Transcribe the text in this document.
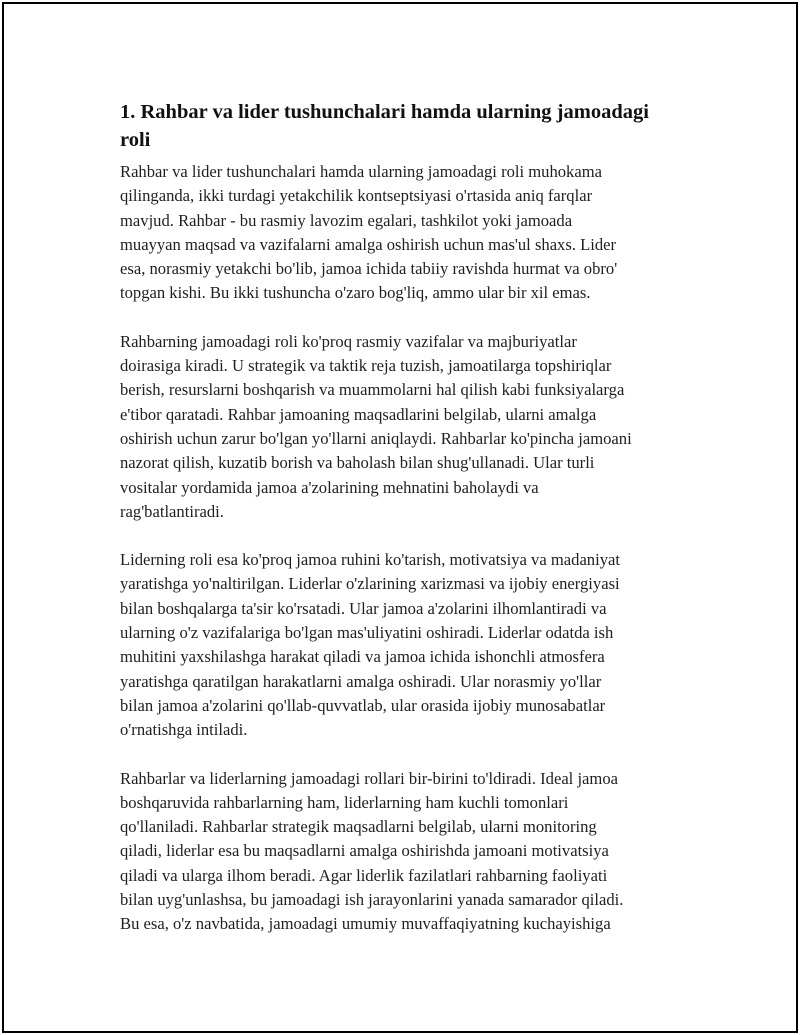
1. Rahbar va lider tushunchalari hamda ularning jamoadagi
roli

Rahbar va lider tushunchalari hamda ularning jamoadagi roli muhokama
qilinganda, ikki turdagi yetakchilik kontseptsiyasi o'rtasida aniq farqlar
mavjud. Rahbar - bu rasmiy lavozim egalari, tashkilot yoki jamoada
muayyan maqsad va vazifalarni amalga oshirish uchun mas'ul shaxs. Lider
esa, norasmiy yetakchi bo'lib, jamoa ichida tabiiy ravishda hurmat va obro'
topgan kishi. Bu ikki tushuncha o'zaro bog'liq, ammo ular bir xil emas.

Rahbarning jamoadagi roli ko'proq rasmiy vazifalar va majburiyatlar
doirasiga kiradi. U strategik va taktik reja tuzish, jamoatilarga topshiriqlar
berish, resurslarni boshqarish va muammolarni hal qilish kabi funksiyalarga
e'tibor qaratadi. Rahbar jamoaning maqsadlarini belgilab, ularni amalga
oshirish uchun zarur bo'lgan yo'llarni aniqlaydi. Rahbarlar ko'pincha jamoani
nazorat qilish, kuzatib borish va baholash bilan shug'ullanadi. Ular turli
vositalar yordamida jamoa a'zolarining mehnatini baholaydi va
rag'batlantiradi.

Liderning roli esa ko'proq jamoa ruhini ko'tarish, motivatsiya va madaniyat
yaratishga yo'naltirilgan. Liderlar o'zlarining xarizmasi va ijobiy energiyasi
bilan boshqalarga ta'sir ko'rsatadi. Ular jamoa a'zolarini ilhomlantiradi va
ularning o'z vazifalariga bo'lgan mas'uliyatini oshiradi. Liderlar odatda ish
muhitini yaxshilashga harakat qiladi va jamoa ichida ishonchli atmosfera
yaratishga qaratilgan harakatlarni amalga oshiradi. Ular norasmiy yo'llar
bilan jamoa a'zolarini qo'llab-quvvatlab, ular orasida ijobiy munosabatlar
o'rnatishga intiladi.

Rahbarlar va liderlarning jamoadagi rollari bir-birini to'ldiradi. Ideal jamoa
boshqaruvida rahbarlarning ham, liderlarning ham kuchli tomonlari
qo'llaniladi. Rahbarlar strategik maqsadlarni belgilab, ularni monitoring
qiladi, liderlar esa bu maqsadlarni amalga oshirishda jamoani motivatsiya
qiladi va ularga ilhom beradi. Agar liderlik fazilatlari rahbarning faoliyati
bilan uyg'unlashsa, bu jamoadagi ish jarayonlarini yanada samarador qiladi.
Bu esa, o'z navbatida, jamoadagi umumiy muvaffaqiyatning kuchayishiga
